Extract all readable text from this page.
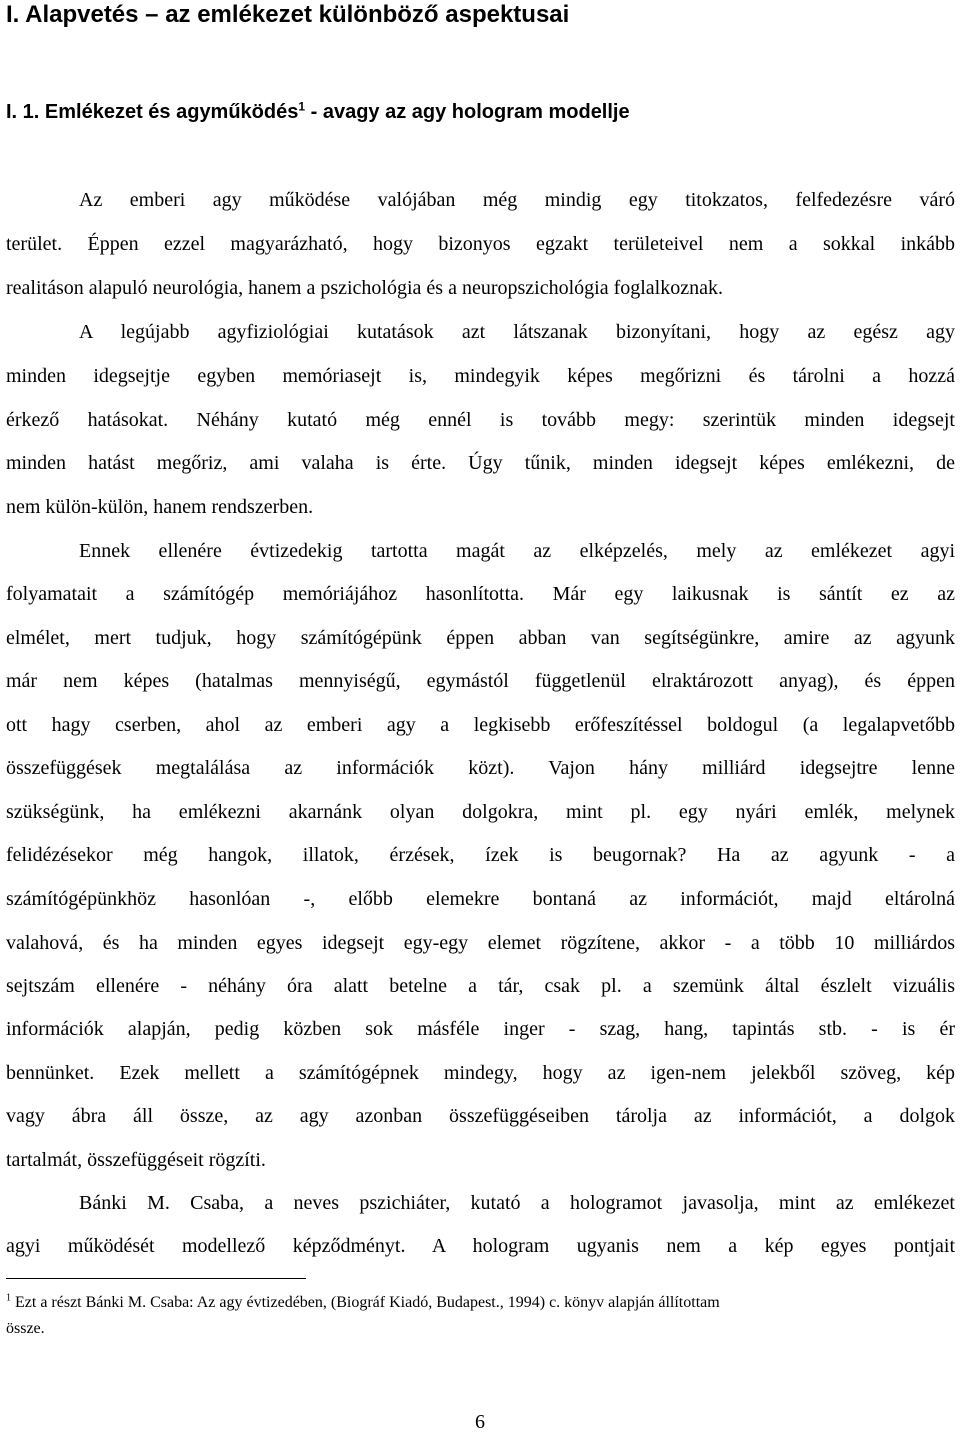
I. Alapvetés – az emlékezet különböző aspektusai
I. 1. Emlékezet és agyműködés$^1$ - avagy az agy hologram modellje
Az emberi agy működése valójában még mindig egy titokzatos, felfedezésre váró
terület. Éppen ezzel magyarázható, hogy bizonyos egzakt területeivel nem a sokkal inkább
realitáson alapuló neurológia, hanem a pszichológia és a neuropszichológia foglalkoznak.
A legújabb agyfiziológiai kutatások azt látszanak bizonyítani, hogy az egész agy
minden idegsejtje egyben memóriasejt is, mindegyik képes megőrizni és tárolni a hozzá
érkező hatásokat. Néhány kutató még ennél is tovább megy: szerintük minden idegsejt
minden hatást megőriz, ami valaha is érte. Úgy tűnik, minden idegsejt képes emlékezni, de
nem külön-külön, hanem rendszerben.
Ennek ellenére évtizedekig tartotta magát az elképzelés, mely az emlékezet agyi
folyamatait a számítógép memóriájához hasonlította. Már egy laikusnak is sántít ez az
elmélet, mert tudjuk, hogy számítógépünk éppen abban van segítségünkre, amire az agyunk
már nem képes (hatalmas mennyiségű, egymástól függetlenül elraktározott anyag), és éppen
ott hagy cserben, ahol az emberi agy a legkisebb erőfeszítéssel boldogul (a legalapvetőbb
összefüggések megtalálása az információk közt). Vajon hány milliárd idegsejtre lenne
szükségünk, ha emlékezni akarnánk olyan dolgokra, mint pl. egy nyári emlék, melynek
felidézésekor még hangok, illatok, érzések, ízek is beugornak? Ha az agyunk - a
számítógépünkhöz hasonlóan -, előbb elemekre bontaná az információt, majd eltárolná
valahová, és ha minden egyes idegsejt egy-egy elemet rögzítene, akkor - a több 10 milliárdos
sejtszám ellenére - néhány óra alatt betelne a tár, csak pl. a szemünk által észlelt vizuális
információk alapján, pedig közben sok másféle inger - szag, hang, tapintás stb. - is ér
bennünket. Ezek mellett a számítógépnek mindegy, hogy az igen-nem jelekből szöveg, kép
vagy ábra áll össze, az agy azonban összefüggéseiben tárolja az információt, a dolgok
tartalmát, összefüggéseit rögzíti.
Bánki M. Csaba, a neves pszichiáter, kutató a hologramot javasolja, mint az emlékezet
agyi működését modellező képződményt. A hologram ugyanis nem a kép egyes pontjait
$^1$ Ezt a részt Bánki M. Csaba: Az agy évtizedében, (Biográf Kiadó, Budapest., 1994) c. könyv alapján állítottam
össze.
6
